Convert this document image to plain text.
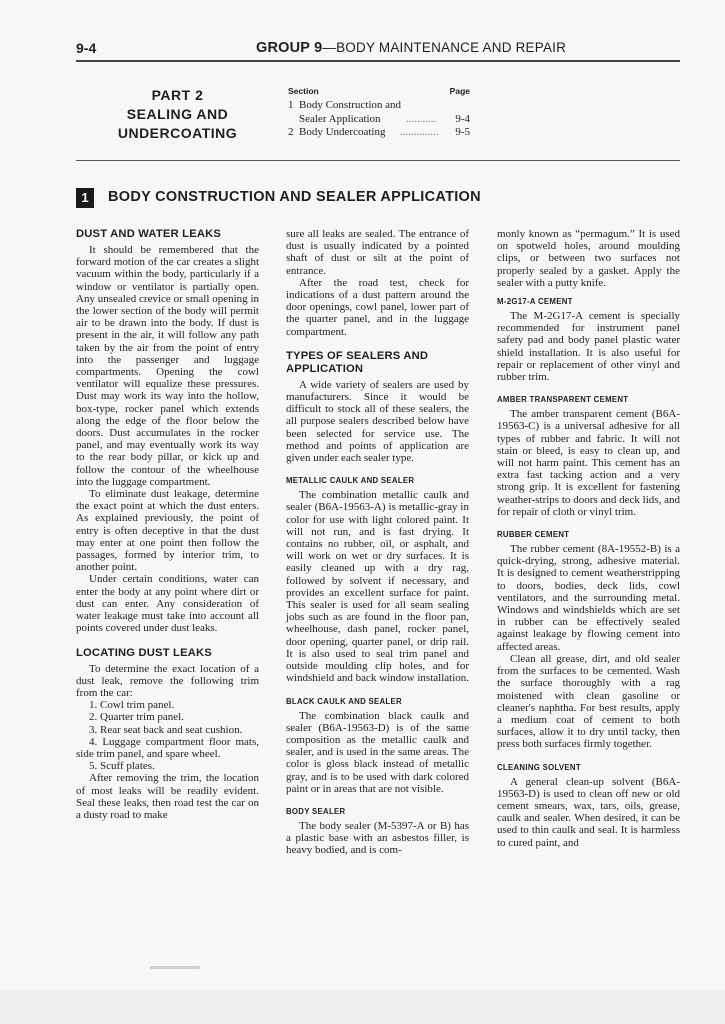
9-4	GROUP 9—BODY MAINTENANCE AND REPAIR
PART 2
SEALING AND
UNDERCOATING
Section	Page
1  Body Construction and
Sealer Application ...........	9-4
2  Body Undercoating ..............	9-5
1	BODY CONSTRUCTION AND SEALER APPLICATION
DUST AND WATER LEAKS

It should be remembered that the forward motion of the car creates a slight vacuum within the body, particularly if a window or ventilator is partially open. Any unsealed crevice or small opening in the lower section of the body will permit air to be drawn into the body. If dust is present in the air, it will follow any path taken by the air from the point of entry into the passenger and luggage compartments. Opening the cowl ventilator will equalize these pressures. Dust may work its way into the hollow, box-type, rocker panel which extends along the edge of the floor below the doors. Dust accumulates in the rocker panel, and may eventually work its way to the rear body pillar, or kick up and follow the contour of the wheelhouse into the luggage compartment.

To eliminate dust leakage, determine the exact point at which the dust enters. As explained previously, the point of entry is often deceptive in that the dust may enter at one point then follow the passages, formed by interior trim, to another point.

Under certain conditions, water can enter the body at any point where dirt or dust can enter. Any consideration of water leakage must take into account all points covered under dust leaks.

LOCATING DUST LEAKS

To determine the exact location of a dust leak, remove the following trim from the car:

1. Cowl trim panel.

2. Quarter trim panel.

3. Rear seat back and seat cushion.

4. Luggage compartment floor mats, side trim panel, and spare wheel.

5. Scuff plates.

After removing the trim, the location of most leaks will be readily evident. Seal these leaks, then road test the car on a dusty road to make

sure all leaks are sealed. The entrance of dust is usually indicated by a pointed shaft of dust or silt at the point of entrance.

After the road test, check for indications of a dust pattern around the door openings, cowl panel, lower part of the quarter panel, and in the luggage compartment.

TYPES OF SEALERS AND APPLICATION

A wide variety of sealers are used by manufacturers. Since it would be difficult to stock all of these sealers, the all purpose sealers described below have been selected for service use. The method and points of application are given under each sealer type.

METALLIC CAULK AND SEALER

The combination metallic caulk and sealer (B6A-19563-A) is metallic-gray in color for use with light colored paint. It will not run, and is fast drying. It contains no rubber, oil, or asphalt, and will work on wet or dry surfaces. It is easily cleaned up with a dry rag, followed by solvent if necessary, and provides an excellent surface for paint. This sealer is used for all seam sealing jobs such as are found in the floor pan, wheelhouse, dash panel, rocker panel, door opening, quarter panel, or drip rail. It is also used to seal trim panel and outside moulding clip holes, and for windshield and back window installation.

BLACK CAULK AND SEALER

The combination black caulk and sealer (B6A-19563-D) is of the same composition as the metallic caulk and sealer, and is used in the same areas. The color is gloss black instead of metallic gray, and is to be used with dark colored paint or in areas that are not visible.

BODY SEALER

The body sealer (M-5397-A or B) has a plastic base with an asbestos filler, is heavy bodied, and is com-

monly known as “permagum.” It is used on spotweld holes, around moulding clips, or between two surfaces not properly sealed by a gasket. Apply the sealer with a putty knife.

M-2G17-A CEMENT

The M-2G17-A cement is specially recommended for instrument panel safety pad and body panel plastic water shield installation. It is also useful for repair or replacement of other vinyl and rubber trim.

AMBER TRANSPARENT CEMENT

The amber transparent cement (B6A-19563-C) is a universal adhesive for all types of rubber and fabric. It will not stain or bleed, is easy to clean up, and will not harm paint. This cement has an extra fast tacking action and a very strong grip. It is excellent for fastening weather-strips to doors and deck lids, and for repair of cloth or vinyl trim.

RUBBER CEMENT

The rubber cement (8A-19552-B) is a quick-drying, strong, adhesive material. It is designed to cement weatherstripping to doors, bodies, deck lids, cowl ventilators, and the surrounding metal. Windows and windshields which are set in rubber can be effectively sealed against leakage by flowing cement into affected areas.

Clean all grease, dirt, and old sealer from the surfaces to be cemented. Wash the surface thoroughly with a rag moistened with clean gasoline or cleaner's naphtha. For best results, apply a medium coat of cement to both surfaces, allow it to dry until tacky, then press both surfaces firmly together.

CLEANING SOLVENT

A general clean-up solvent (B6A-19563-D) is used to clean off new or old cement smears, wax, tars, oils, grease, caulk and sealer. When desired, it can be used to thin caulk and seal. It is harmless to cured paint, and
